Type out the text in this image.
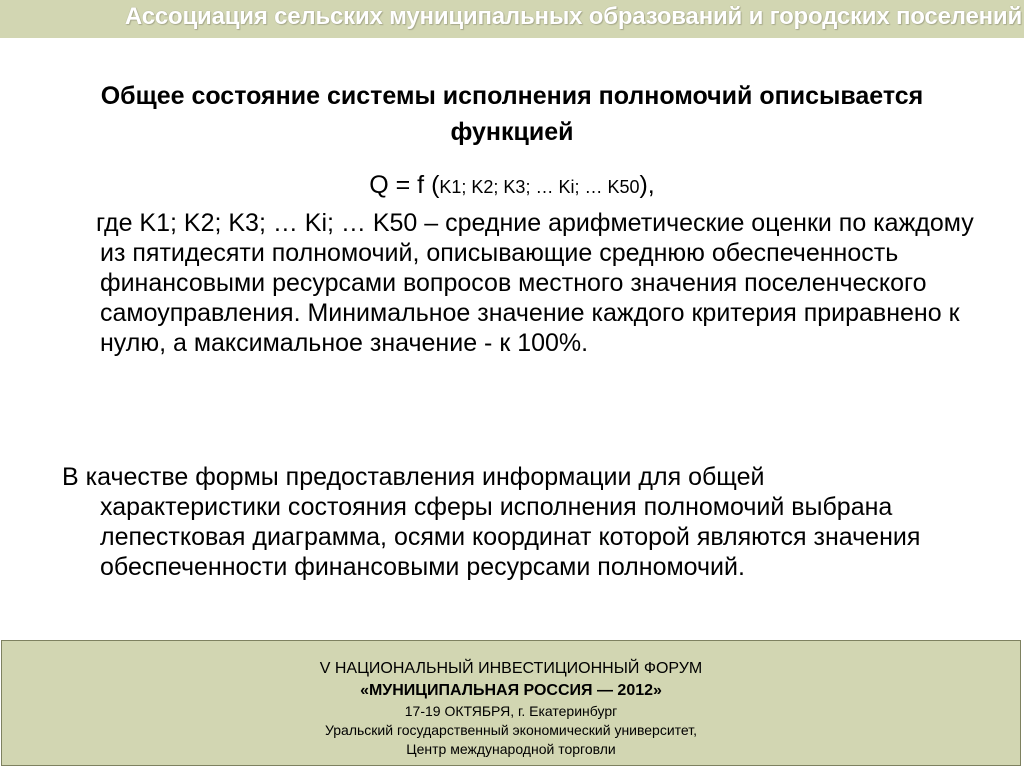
Ассоциация сельских муниципальных образований и городских поселений
Общее состояние системы исполнения полномочий описывается функцией
Q = f (K1; K2; K3; … Ki; … K50),
где K1; K2; K3; … Ki; … K50 – средние арифметические оценки по каждому из пятидесяти полномочий, описывающие среднюю обеспеченность финансовыми ресурсами вопросов местного значения поселенческого самоуправления. Минимальное значение каждого критерия приравнено к нулю, а максимальное значение - к 100%.
В качестве формы предоставления информации для общей
характеристики состояния сферы исполнения полномочий выбрана лепестковая диаграмма, осями координат которой являются значения обеспеченности финансовыми ресурсами полномочий.
V НАЦИОНАЛЬНЫЙ ИНВЕСТИЦИОННЫЙ ФОРУМ
«МУНИЦИПАЛЬНАЯ РОССИЯ — 2012»
17-19 ОКТЯБРЯ, г. Екатеринбург
Уральский государственный экономический университет,
Центр международной торговли
